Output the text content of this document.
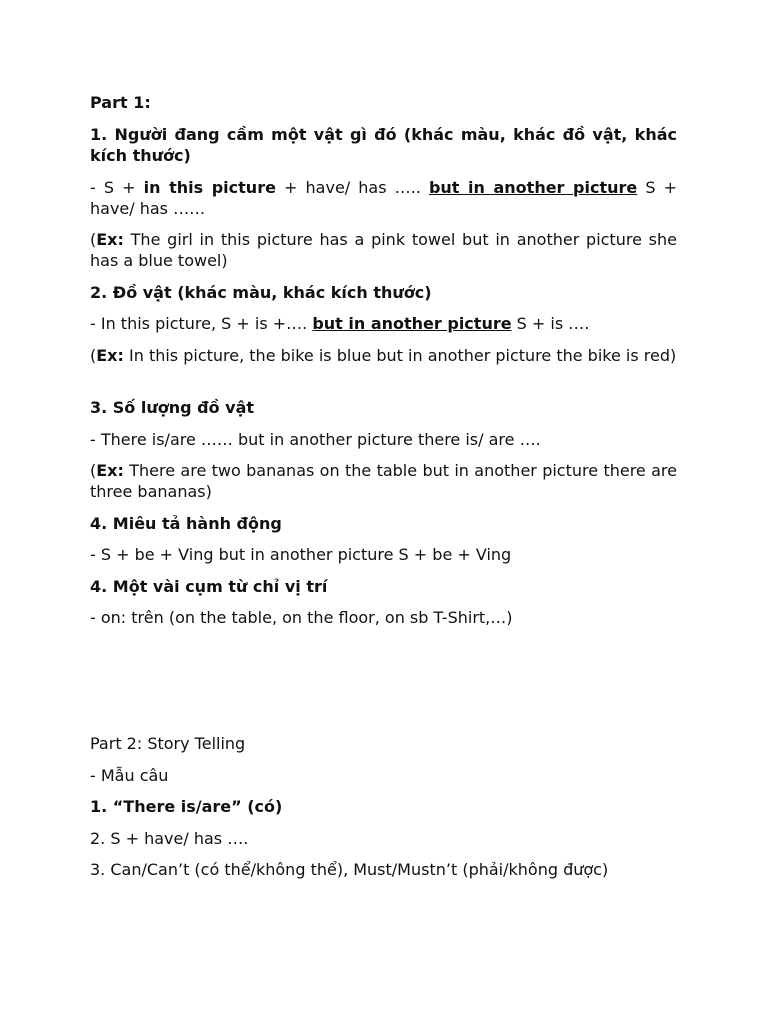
Part 1:

1. Người đang cầm một vật gì đó (khác màu, khác đồ vật, khác kích thước)

- S + in this picture + have/ has ….. but in another picture S + have/ has ……

(Ex: The girl in this picture has a pink towel but in another picture she has a blue towel)

2. Đồ vật (khác màu, khác kích thước)

- In this picture, S + is +…. but in another picture S + is ….

(Ex: In this picture, the bike is blue but in another picture the bike is red)

3. Số lượng đồ vật

- There is/are …… but in another picture there is/ are ….

(Ex: There are two bananas on the table but in another picture there are three bananas)

4. Miêu tả hành động

- S + be + Ving but in another picture S + be + Ving

4. Một vài cụm từ chỉ vị trí

- on: trên (on the table, on the floor, on sb T-Shirt,…)

Part 2: Story Telling

- Mẫu câu

1. “There is/are” (có)

2. S + have/ has ….

3. Can/Can’t (có thể/không thể), Must/Mustn’t (phải/không được)
